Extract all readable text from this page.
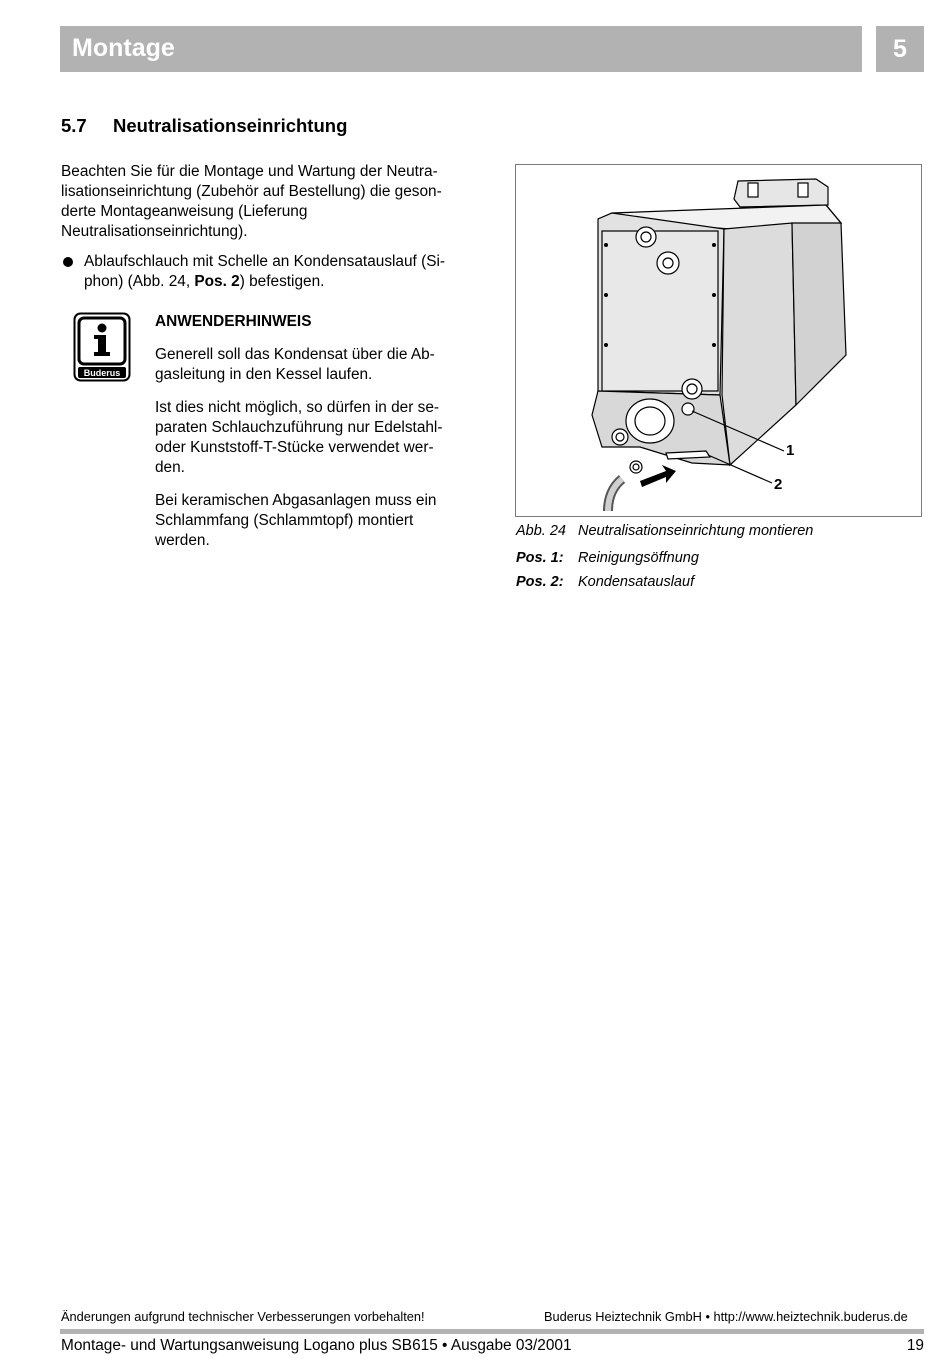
Montage	5
5.7 Neutralisationseinrichtung
Beachten Sie für die Montage und Wartung der Neutra-
lisationseinrichtung (Zubehör auf Bestellung) die geson-
derte Montageanweisung (Lieferung
Neutralisationseinrichtung).
Ablaufschlauch mit Schelle an Kondensatauslauf (Si-
phon) (Abb. 24, Pos. 2) befestigen.
Buderus
ANWENDERHINWEIS
Generell soll das Kondensat über die Ab-
gasleitung in den Kessel laufen.
Ist dies nicht möglich, so dürfen in der se-
paraten Schlauchzuführung nur Edelstahl-
oder Kunststoff-T-Stücke verwendet wer-
den.
Bei keramischen Abgasanlagen muss ein
Schlammfang (Schlammtopf) montiert
werden.
1
2
Abb. 24 Neutralisationseinrichtung montieren
Pos. 1: Reinigungsöffnung
Pos. 2: Kondensatauslauf
Änderungen aufgrund technischer Verbesserungen vorbehalten!	Buderus Heiztechnik GmbH • http://www.heiztechnik.buderus.de
Montage- und Wartungsanweisung Logano plus SB615 • Ausgabe 03/2001	19
